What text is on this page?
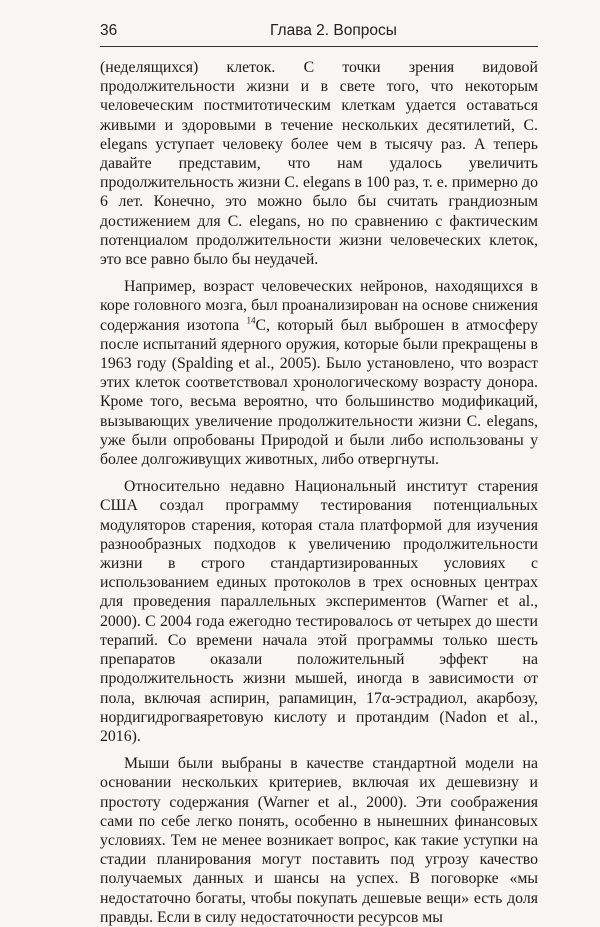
36	Глава 2. Вопросы

(неделящихся) клеток. С точки зрения видовой продолжительности жизни и в свете того, что некоторым человеческим постмитотическим клеткам удается оставаться живыми и здоровыми в течение нескольких десятилетий, C. elegans уступает человеку более чем в тысячу раз. А теперь давайте представим, что нам удалось увеличить продолжительность жизни C. elegans в 100 раз, т. е. примерно до 6 лет. Конечно, это можно было бы считать грандиозным достижением для C. elegans, но по сравнению с фактическим потенциалом продолжительности жизни человеческих клеток, это все равно было бы неудачей.

Например, возраст человеческих нейронов, находящихся в коре головного мозга, был проанализирован на основе снижения содержания изотопа $^{14}$C, который был выброшен в атмосферу после испытаний ядерного оружия, которые были прекращены в 1963 году (Spalding et al., 2005). Было установлено, что возраст этих клеток соответствовал хронологическому возрасту донора. Кроме того, весьма вероятно, что большинство модификаций, вызывающих увеличение продолжительности жизни C. elegans, уже были опробованы Природой и были либо использованы у более долгоживущих животных, либо отвергнуты.

Относительно недавно Национальный институт старения США создал программу тестирования потенциальных модуляторов старения, которая стала платформой для изучения разнообразных подходов к увеличению продолжительности жизни в строго стандартизированных условиях с использованием единых протоколов в трех основных центрах для проведения параллельных экспериментов (Warner et al., 2000). С 2004 года ежегодно тестировалось от четырех до шести терапий. Со времени начала этой программы только шесть препаратов оказали положительный эффект на продолжительность жизни мышей, иногда в зависимости от пола, включая аспирин, рапамицин, 17α-эстрадиол, акарбозу, нордигидрогваяретовую кислоту и протандим (Nadon et al., 2016).

Мыши были выбраны в качестве стандартной модели на основании нескольких критериев, включая их дешевизну и простоту содержания (Warner et al., 2000). Эти соображения сами по себе легко понять, особенно в нынешних финансовых условиях. Тем не менее возникает вопрос, как такие уступки на стадии планирования могут поставить под угрозу качество получаемых данных и шансы на успех. В поговорке «мы недостаточно богаты, чтобы покупать дешевые вещи» есть доля правды. Если в силу недостаточности ресурсов мы
